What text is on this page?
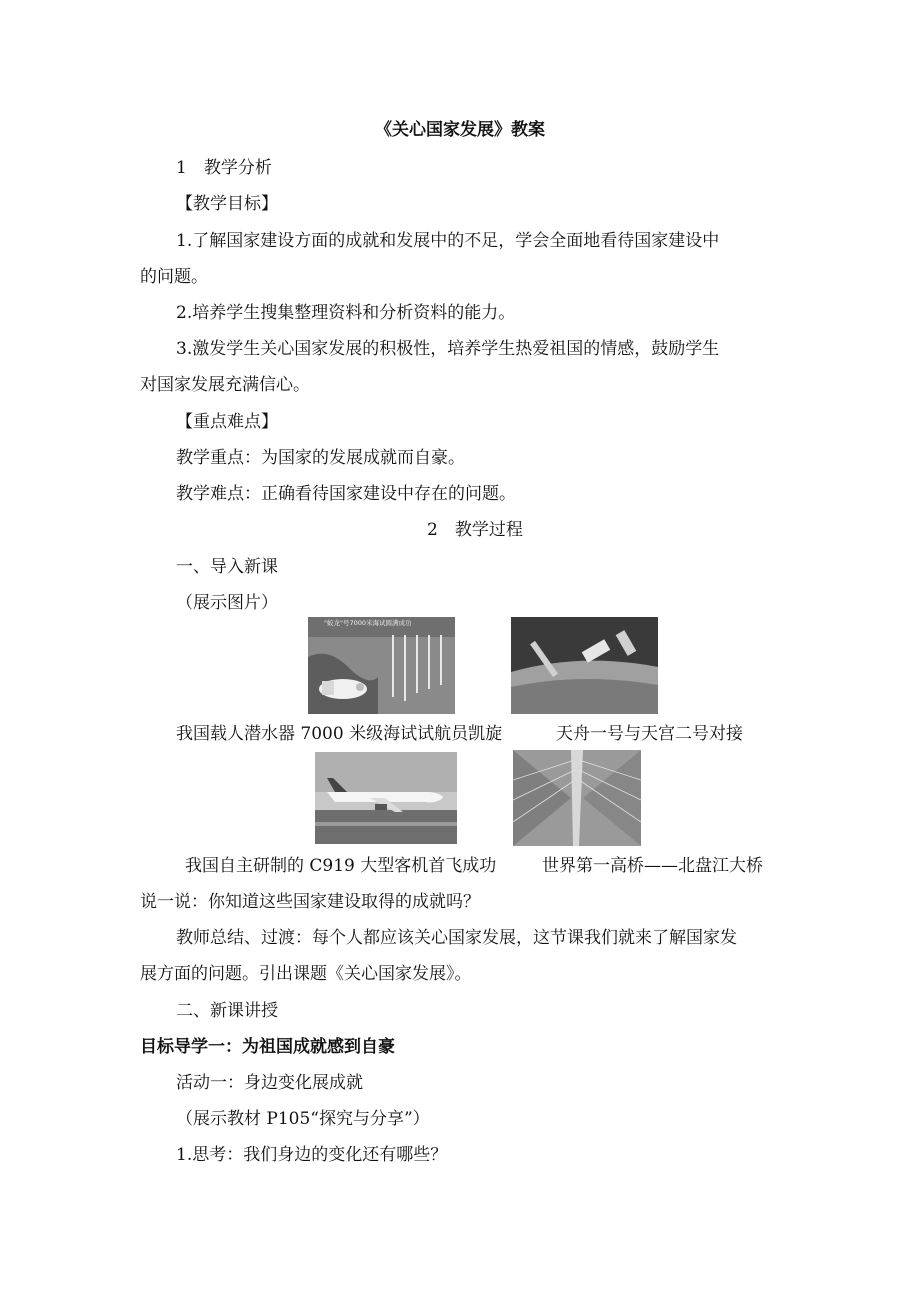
《关心国家发展》教案
1　教学分析
【教学目标】
1.了解国家建设方面的成就和发展中的不足，学会全面地看待国家建设中
的问题。
2.培养学生搜集整理资料和分析资料的能力。
3.激发学生关心国家发展的积极性，培养学生热爱祖国的情感，鼓励学生
对国家发展充满信心。
【重点难点】
教学重点：为国家的发展成就而自豪。
教学难点：正确看待国家建设中存在的问题。
2　教学过程
一、导入新课
（展示图片）
"蛟龙"号7000米海试圆满成功
我国载人潜水器 7000 米级海试试航员凯旋	天舟一号与天宫二号对接
我国自主研制的 C919 大型客机首飞成功	世界第一高桥——北盘江大桥
说一说：你知道这些国家建设取得的成就吗？
教师总结、过渡：每个人都应该关心国家发展，这节课我们就来了解国家发
展方面的问题。引出课题《关心国家发展》。
二、新课讲授
目标导学一：为祖国成就感到自豪
活动一：身边变化展成就
（展示教材 P105“探究与分享”）
1.思考：我们身边的变化还有哪些？
